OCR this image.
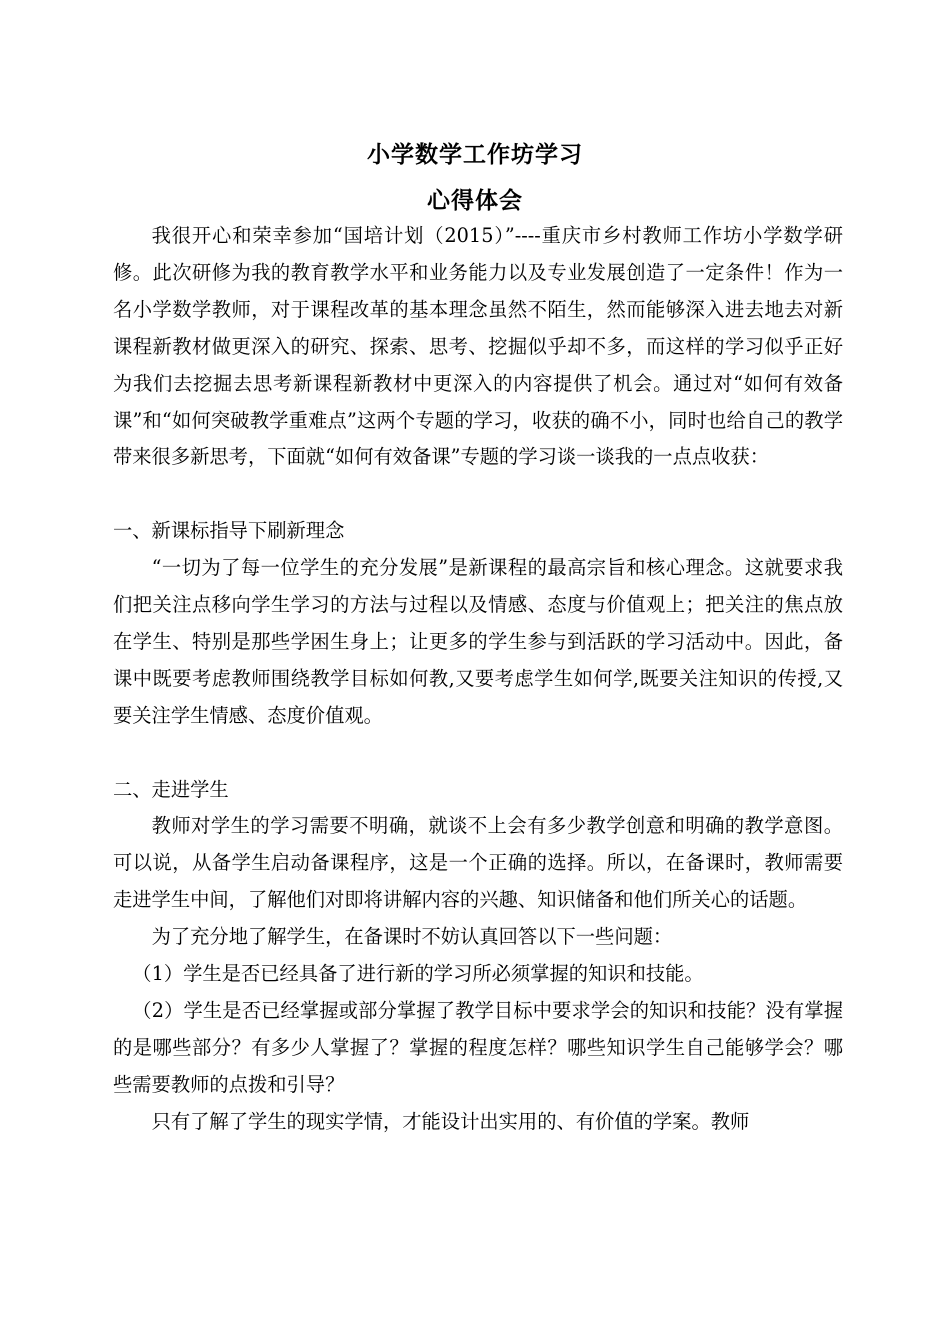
小学数学工作坊学习
心得体会

我很开心和荣幸参加“国培计划（2015）”----重庆市乡村教师工作坊小学数学研修。此次研修为我的教育教学水平和业务能力以及专业发展创造了一定条件！作为一名小学数学教师，对于课程改革的基本理念虽然不陌生，然而能够深入进去地去对新课程新教材做更深入的研究、探索、思考、挖掘似乎却不多，而这样的学习似乎正好为我们去挖掘去思考新课程新教材中更深入的内容提供了机会。通过对“如何有效备课”和“如何突破教学重难点”这两个专题的学习，收获的确不小，同时也给自己的教学带来很多新思考，下面就“如何有效备课”专题的学习谈一谈我的一点点收获：

一、新课标指导下刷新理念

“一切为了每一位学生的充分发展”是新课程的最高宗旨和核心理念。这就要求我们把关注点移向学生学习的方法与过程以及情感、态度与价值观上；把关注的焦点放在学生、特别是那些学困生身上；让更多的学生参与到活跃的学习活动中。因此，备课中既要考虑教师围绕教学目标如何教,又要考虑学生如何学,既要关注知识的传授,又要关注学生情感、态度价值观。

二、走进学生

教师对学生的学习需要不明确，就谈不上会有多少教学创意和明确的教学意图。可以说，从备学生启动备课程序，这是一个正确的选择。所以，在备课时，教师需要走进学生中间，了解他们对即将讲解内容的兴趣、知识储备和他们所关心的话题。

为了充分地了解学生，在备课时不妨认真回答以下一些问题：

（1）学生是否已经具备了进行新的学习所必须掌握的知识和技能。

（2）学生是否已经掌握或部分掌握了教学目标中要求学会的知识和技能？没有掌握的是哪些部分？有多少人掌握了？掌握的程度怎样？哪些知识学生自己能够学会？哪些需要教师的点拨和引导？

只有了解了学生的现实学情，才能设计出实用的、有价值的学案。教师
